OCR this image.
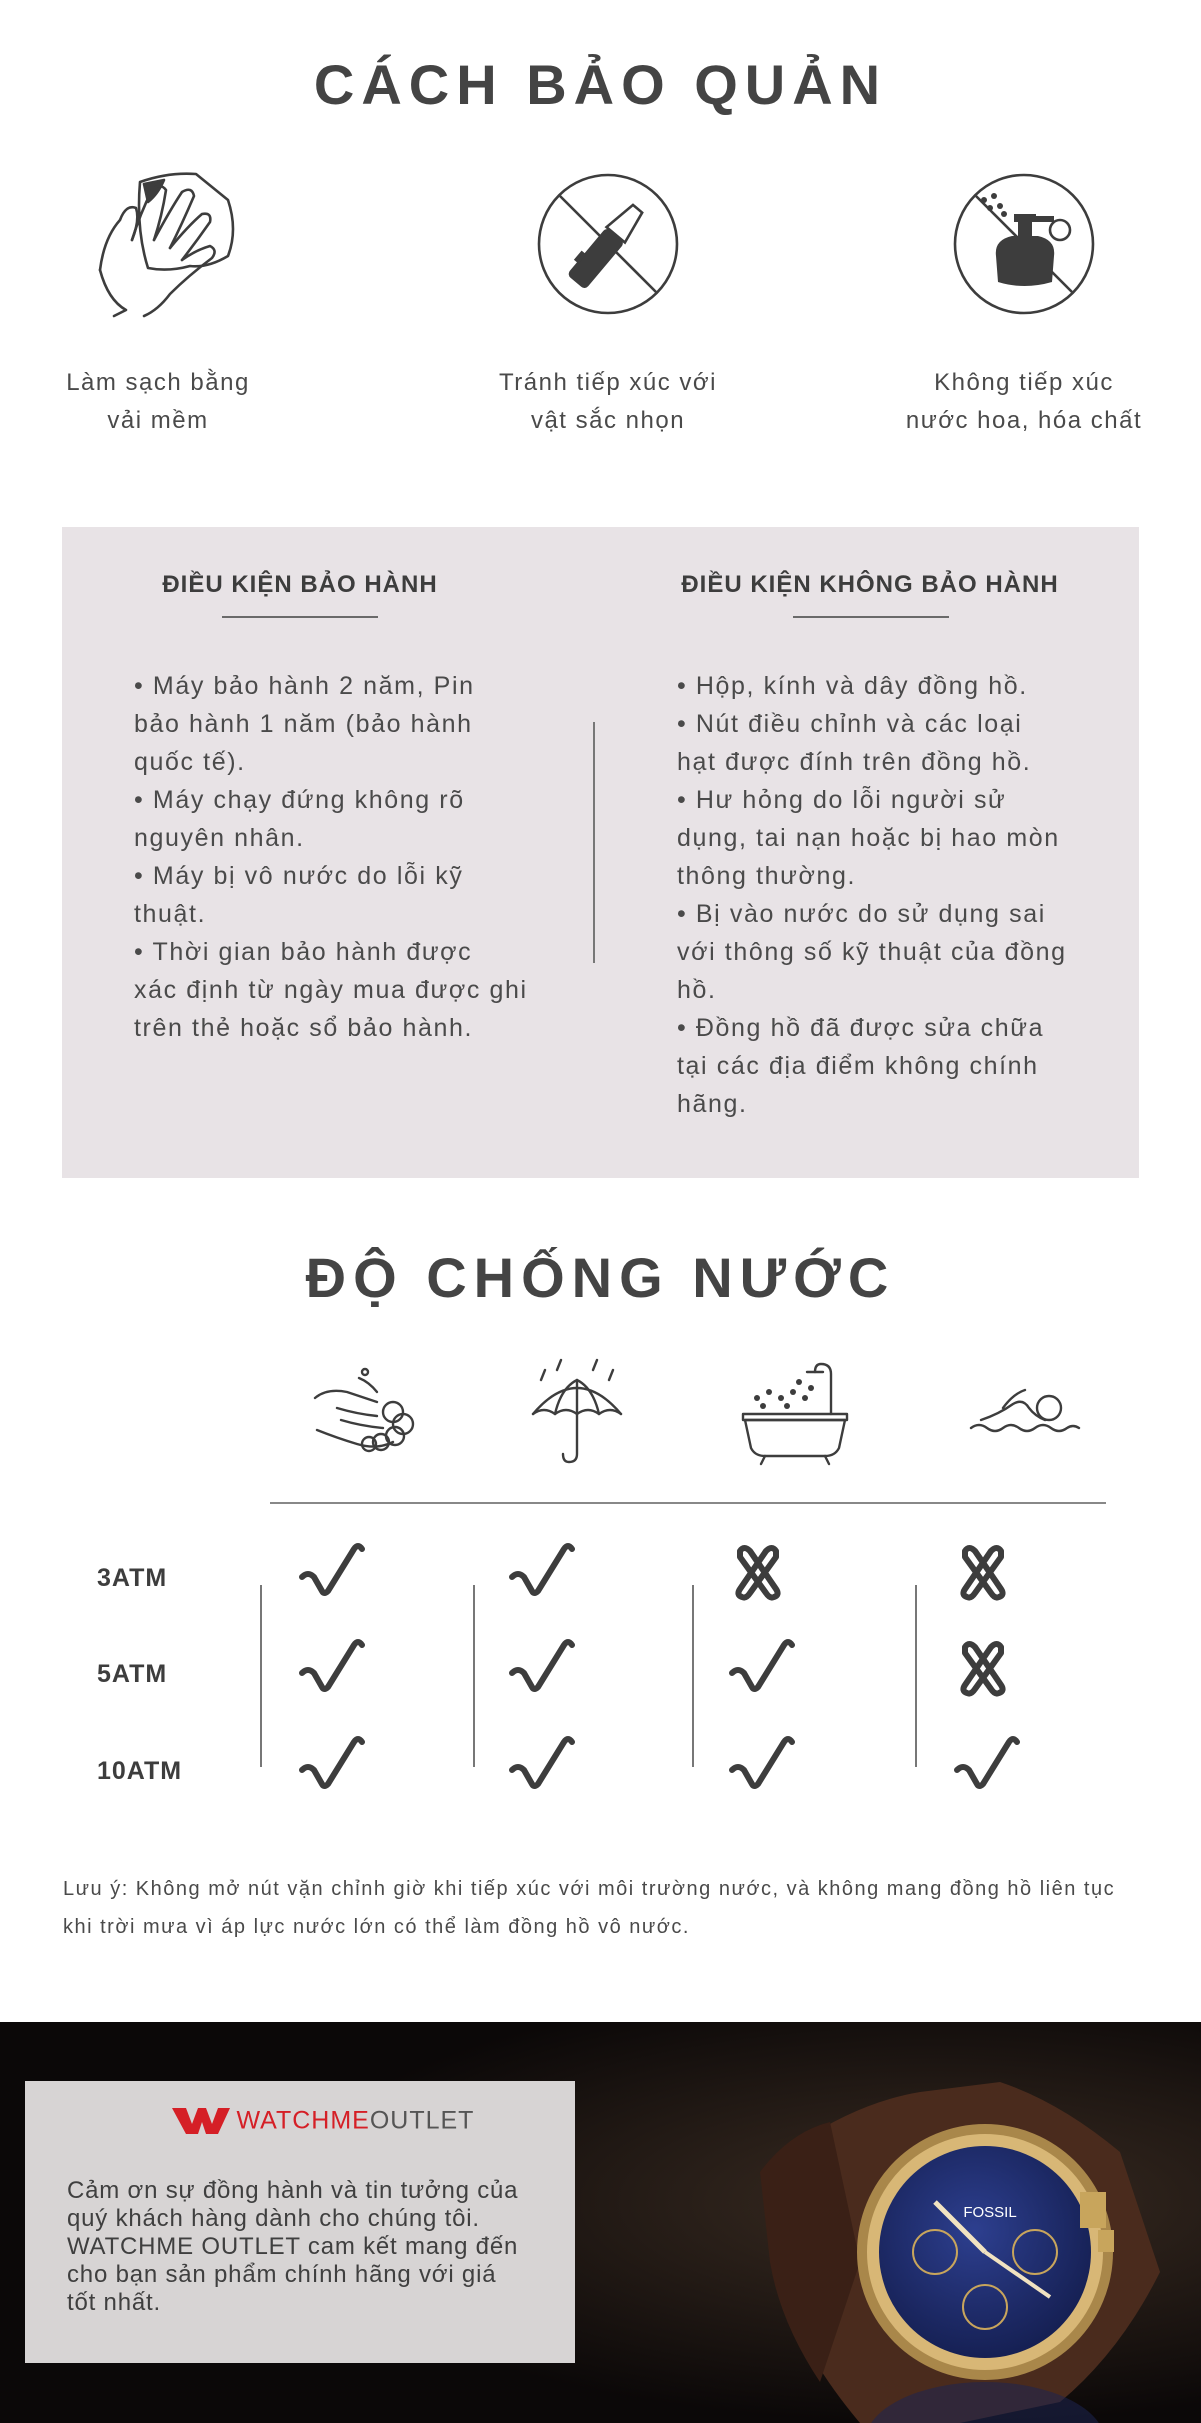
CÁCH BẢO QUẢN
Làm sạch bằng
vải mềm
Tránh tiếp xúc với
vật sắc nhọn
Không tiếp xúc
nước hoa, hóa chất
ĐIỀU KIỆN BẢO HÀNH
• Máy bảo hành 2 năm, Pin
bảo hành 1 năm (bảo hành
quốc tế).
• Máy chạy đứng không rõ
nguyên nhân.
• Máy bị vô nước do lỗi kỹ
thuật.
• Thời gian bảo hành được
xác định từ ngày mua được ghi
trên thẻ hoặc sổ bảo hành.
ĐIỀU KIỆN KHÔNG BẢO HÀNH
• Hộp, kính và dây đồng hồ.
• Nút điều chỉnh và các loại
hạt được đính trên đồng hồ.
• Hư hỏng do lỗi người sử
dụng, tai nạn hoặc bị hao mòn
thông thường.
• Bị vào nước do sử dụng sai
với thông số kỹ thuật của đồng
hồ.
• Đồng hồ đã được sửa chữa
tại các địa điểm không chính
hãng.
ĐỘ CHỐNG NƯỚC
3ATM
5ATM
10ATM
Lưu ý: Không mở nút vặn chỉnh giờ khi tiếp xúc với môi trường nước, và không mang đồng hồ liên tục
khi trời mưa vì áp lực nước lớn có thể làm đồng hồ vô nước.
FOSSIL
WATCHMEOUTLET
Cảm ơn sự đồng hành và tin tưởng của
quý khách hàng dành cho chúng tôi.
WATCHME OUTLET cam kết mang đến
cho bạn sản phẩm chính hãng với giá
tốt nhất.
